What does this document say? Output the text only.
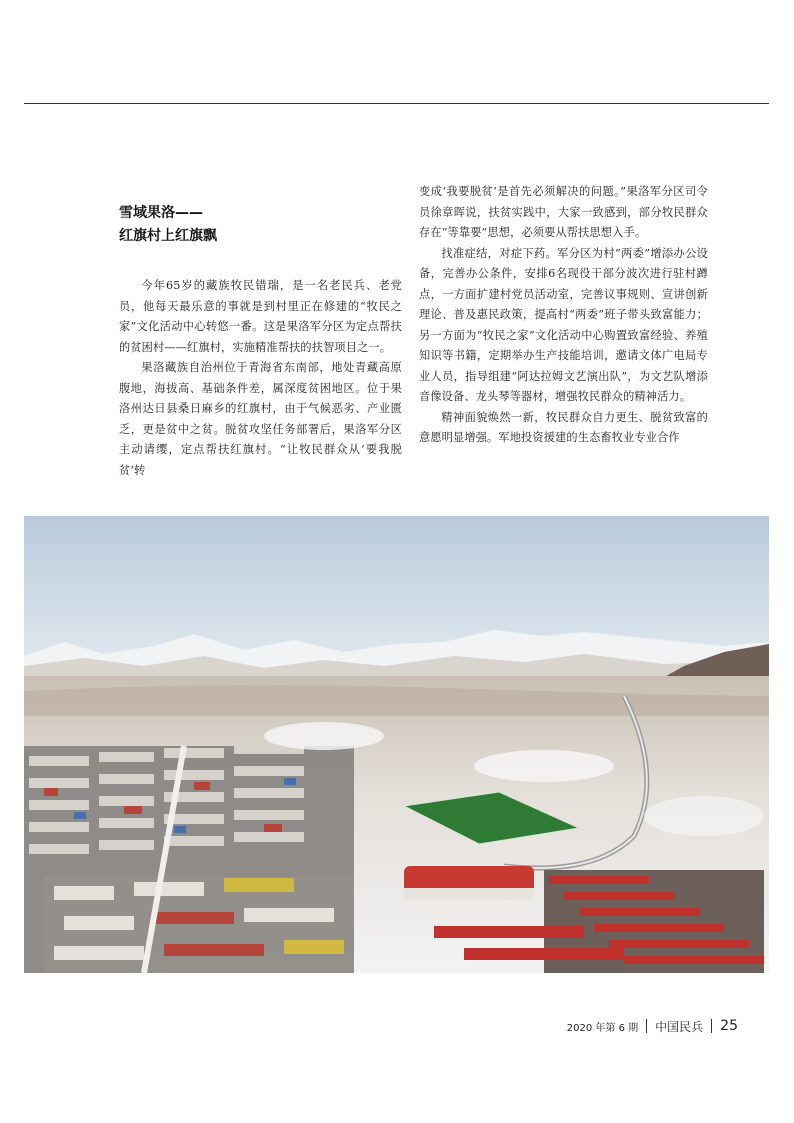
雪域果洛——
红旗村上红旗飘

今年65岁的藏族牧民错瑞，是一名老民兵、老党员，他每天最乐意的事就是到村里正在修建的“牧民之家”文化活动中心转悠一番。这是果洛军分区为定点帮扶的贫困村——红旗村，实施精准帮扶的扶智项目之一。

果洛藏族自治州位于青海省东南部，地处青藏高原腹地，海拔高、基础条件差，属深度贫困地区。位于果洛州达日县桑日麻乡的红旗村，由于气候恶劣、产业匮乏，更是贫中之贫。脱贫攻坚任务部署后，果洛军分区主动请缨，定点帮扶红旗村。“让牧民群众从‘要我脱贫’转

变成‘我要脱贫’是首先必须解决的问题。”果洛军分区司令员徐章晖说，扶贫实践中，大家一致感到，部分牧民群众存在“等靠要”思想，必须要从帮扶思想入手。

找准症结，对症下药。军分区为村“两委”增添办公设备，完善办公条件，安排6名现役干部分波次进行驻村蹲点，一方面扩建村党员活动室，完善议事规则、宣讲创新理论、普及惠民政策，提高村“两委”班子带头致富能力；另一方面为“牧民之家”文化活动中心购置致富经验、养殖知识等书籍，定期举办生产技能培训，邀请文体广电局专业人员，指导组建“阿达拉姆文艺演出队”，为文艺队增添音像设备、龙头琴等器材，增强牧民群众的精神活力。

精神面貌焕然一新，牧民群众自力更生、脱贫致富的意愿明显增强。军地投资援建的生态畜牧业专业合作

2020 年第 6 期 中国民兵 25
